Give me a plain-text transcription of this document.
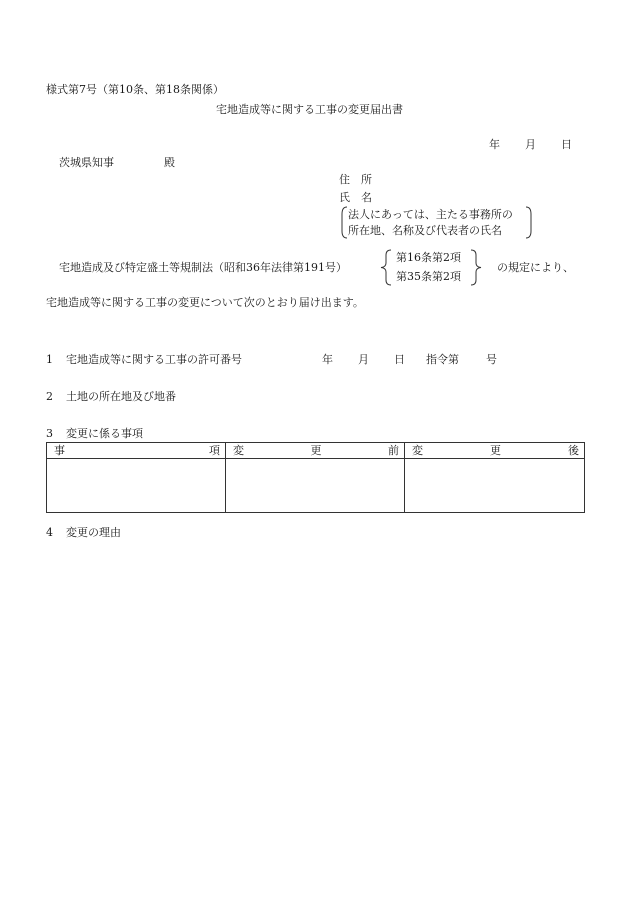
様式第7号（第10条、第18条関係）
宅地造成等に関する工事の変更届出書
年 月 日
茨城県知事	殿
住　所
氏　名
法人にあっては、主たる事務所の
所在地、名称及び代表者の氏名
宅地造成及び特定盛土等規制法（昭和36年法律第191号）
第16条第2項
第35条第2項
の規定により、
宅地造成等に関する工事の変更について次のとおり届け出ます。
1 宅地造成等に関する工事の許可番号	年 月 日 指令第 号
2 土地の所在地及び地番
3 変更に係る事項
事 項	変 更 前	変 更 後

4 変更の理由
